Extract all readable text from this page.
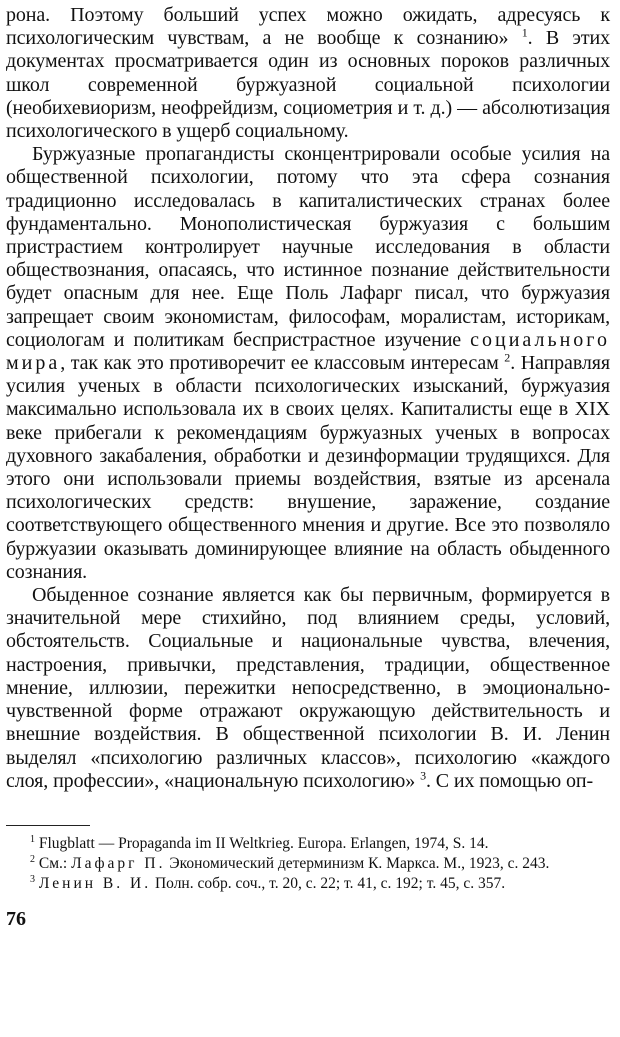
рона. Поэтому больший успех можно ожидать, адресуясь к психологическим чувствам, а не вообще к сознанию» $^1$. В этих документах просматривается один из основных пороков различных школ современной буржуазной социальной психологии (необихевиоризм, неофрейдизм, социометрия и т. д.) — абсолютизация психологического в ущерб социальному.

Буржуазные пропагандисты сконцентрировали особые усилия на общественной психологии, потому что эта сфера сознания традиционно исследовалась в капиталистических странах более фундаментально. Монополистическая буржуазия с большим пристрастием контролирует научные исследования в области обществознания, опасаясь, что истинное познание действительности будет опасным для нее. Еще Поль Лафарг писал, что буржуазия запрещает своим экономистам, философам, моралистам, историкам, социологам и политикам беспристрастное изучение социального мира, так как это противоречит ее классовым интересам $^2$. Направляя усилия ученых в области психологических изысканий, буржуазия максимально использовала их в своих целях. Капиталисты еще в XIX веке прибегали к рекомендациям буржуазных ученых в вопросах духовного закабаления, обработки и дезинформации трудящихся. Для этого они использовали приемы воздействия, взятые из арсенала психологических средств: внушение, заражение, создание соответствующего общественного мнения и другие. Все это позволяло буржуазии оказывать доминирующее влияние на область обыденного сознания.

Обыденное сознание является как бы первичным, формируется в значительной мере стихийно, под влиянием среды, условий, обстоятельств. Социальные и национальные чувства, влечения, настроения, привычки, представления, традиции, общественное мнение, иллюзии, пережитки непосредственно, в эмоционально-чувственной форме отражают окружающую действительность и внешние воздействия. В общественной психологии В. И. Ленин выделял «психологию различных классов», психологию «каждого слоя, профессии», «национальную психологию» $^3$. С их помощью оп-

$^1$ Flugblatt — Propaganda im II Weltkrieg. Europa. Erlangen, 1974, S. 14.

$^2$ См.: Лафарг П. Экономический детерминизм К. Маркса. М., 1923, с. 243.

$^3$ Ленин В. И. Полн. собр. соч., т. 20, с. 22; т. 41, с. 192; т. 45, с. 357.

76
